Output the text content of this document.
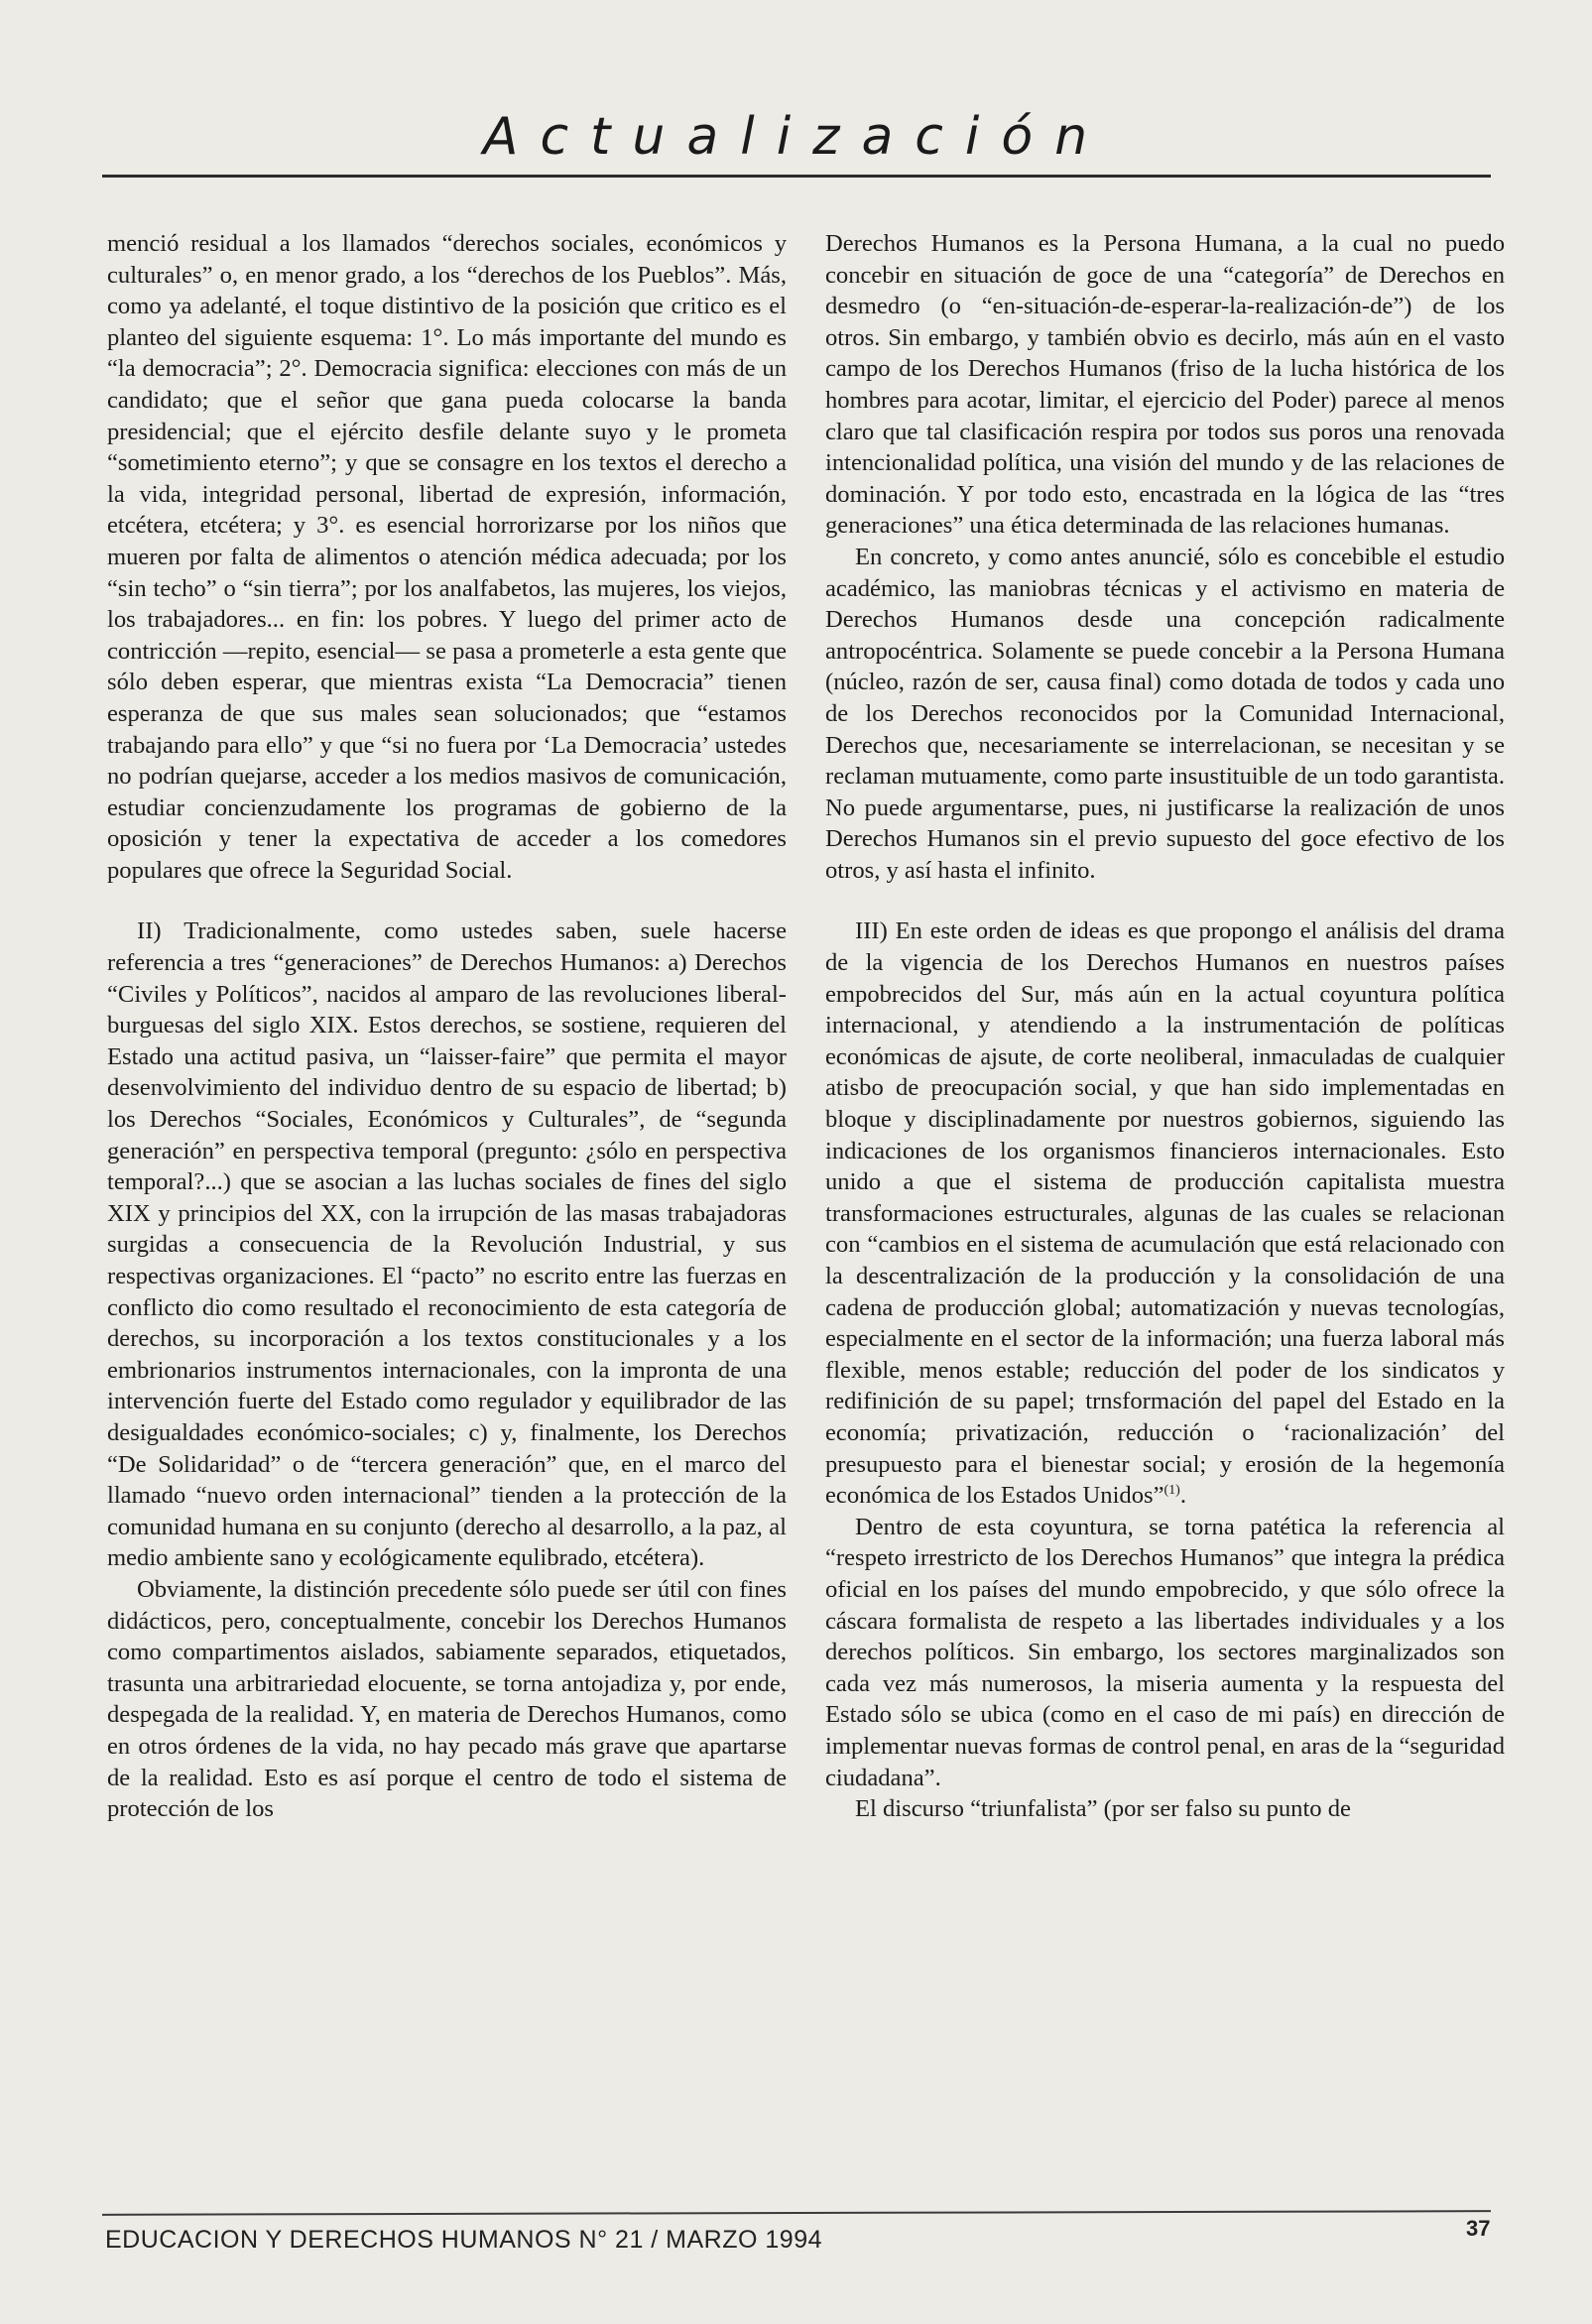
Actualización

menció residual a los llamados “derechos sociales, económicos y culturales” o, en menor grado, a los “derechos de los Pueblos”. Más, como ya adelanté, el toque distintivo de la posición que critico es el planteo del siguiente esquema: 1°. Lo más importante del mundo es “la democracia”; 2°. Democracia significa: elecciones con más de un candidato; que el señor que gana pueda colocarse la banda presidencial; que el ejército desfile delante suyo y le prometa “sometimiento eterno”; y que se consagre en los textos el derecho a la vida, integridad personal, libertad de expresión, información, etcétera, etcétera; y 3°. es esencial horrorizarse por los niños que mueren por falta de alimentos o atención médica adecuada; por los “sin techo” o “sin tierra”; por los analfabetos, las mujeres, los viejos, los trabajadores... en fin: los pobres. Y luego del primer acto de contricción —repito, esencial— se pasa a prometerle a esta gente que sólo deben esperar, que mientras exista “La Democracia” tienen esperanza de que sus males sean solucionados; que “estamos trabajando para ello” y que “si no fuera por ‘La Democracia’ ustedes no podrían quejarse, acceder a los medios masivos de comunicación, estudiar concienzudamente los programas de gobierno de la oposición y tener la expectativa de acceder a los comedores populares que ofrece la Seguridad Social.

II) Tradicionalmente, como ustedes saben, suele hacerse referencia a tres “generaciones” de Derechos Humanos: a) Derechos “Civiles y Políticos”, nacidos al amparo de las revoluciones liberal-burguesas del siglo XIX. Estos derechos, se sostiene, requieren del Estado una actitud pasiva, un “laisser-faire” que permita el mayor desenvolvimiento del individuo dentro de su espacio de libertad; b) los Derechos “Sociales, Económicos y Culturales”, de “segunda generación” en perspectiva temporal (pregunto: ¿sólo en perspectiva temporal?...) que se asocian a las luchas sociales de fines del siglo XIX y principios del XX, con la irrupción de las masas trabajadoras surgidas a consecuencia de la Revolución Industrial, y sus respectivas organizaciones. El “pacto” no escrito entre las fuerzas en conflicto dio como resultado el reconocimiento de esta categoría de derechos, su incorporación a los textos constitucionales y a los embrionarios instrumentos internacionales, con la impronta de una intervención fuerte del Estado como regulador y equilibrador de las desigualdades económico-sociales; c) y, finalmente, los Derechos “De Solidaridad” o de “tercera generación” que, en el marco del llamado “nuevo orden internacional” tienden a la protección de la comunidad humana en su conjunto (derecho al desarrollo, a la paz, al medio ambiente sano y ecológicamente equlibrado, etcétera).

Obviamente, la distinción precedente sólo puede ser útil con fines didácticos, pero, conceptualmente, concebir los Derechos Humanos como compartimentos aislados, sabiamente separados, etiquetados, trasunta una arbitrariedad elocuente, se torna antojadiza y, por ende, despegada de la realidad. Y, en materia de Derechos Humanos, como en otros órdenes de la vida, no hay pecado más grave que apartarse de la realidad. Esto es así porque el centro de todo el sistema de protección de los

Derechos Humanos es la Persona Humana, a la cual no puedo concebir en situación de goce de una “categoría” de Derechos en desmedro (o “en-situación-de-esperar-la-realización-de”) de los otros. Sin embargo, y también obvio es decirlo, más aún en el vasto campo de los Derechos Humanos (friso de la lucha histórica de los hombres para acotar, limitar, el ejercicio del Poder) parece al menos claro que tal clasificación respira por todos sus poros una renovada intencionalidad política, una visión del mundo y de las relaciones de dominación. Y por todo esto, encastrada en la lógica de las “tres generaciones” una ética determinada de las relaciones humanas.

En concreto, y como antes anuncié, sólo es concebible el estudio académico, las maniobras técnicas y el activismo en materia de Derechos Humanos desde una concepción radicalmente antropocéntrica. Solamente se puede concebir a la Persona Humana (núcleo, razón de ser, causa final) como dotada de todos y cada uno de los Derechos reconocidos por la Comunidad Internacional, Derechos que, necesariamente se interrelacionan, se necesitan y se reclaman mutuamente, como parte insustituible de un todo garantista. No puede argumentarse, pues, ni justificarse la realización de unos Derechos Humanos sin el previo supuesto del goce efectivo de los otros, y así hasta el infinito.

III) En este orden de ideas es que propongo el análisis del drama de la vigencia de los Derechos Humanos en nuestros países empobrecidos del Sur, más aún en la actual coyuntura política internacional, y atendiendo a la instrumentación de políticas económicas de ajsute, de corte neoliberal, inmaculadas de cualquier atisbo de preocupación social, y que han sido implementadas en bloque y disciplinadamente por nuestros gobiernos, siguiendo las indicaciones de los organismos financieros internacionales. Esto unido a que el sistema de producción capitalista muestra transformaciones estructurales, algunas de las cuales se relacionan con “cambios en el sistema de acumulación que está relacionado con la descentralización de la producción y la consolidación de una cadena de producción global; automatización y nuevas tecnologías, especialmente en el sector de la información; una fuerza laboral más flexible, menos estable; reducción del poder de los sindicatos y redifinición de su papel; trnsformación del papel del Estado en la economía; privatización, reducción o ‘racionalización’ del presupuesto para el bienestar social; y erosión de la hegemonía económica de los Estados Unidos”$^{(1)}$.

Dentro de esta coyuntura, se torna patética la referencia al “respeto irrestricto de los Derechos Humanos” que integra la prédica oficial en los países del mundo empobrecido, y que sólo ofrece la cáscara formalista de respeto a las libertades individuales y a los derechos políticos. Sin embargo, los sectores marginalizados son cada vez más numerosos, la miseria aumenta y la respuesta del Estado sólo se ubica (como en el caso de mi país) en dirección de implementar nuevas formas de control penal, en aras de la “seguridad ciudadana”.

El discurso “triunfalista” (por ser falso su punto de

EDUCACION Y DERECHOS HUMANOS N° 21 / MARZO 1994	37
